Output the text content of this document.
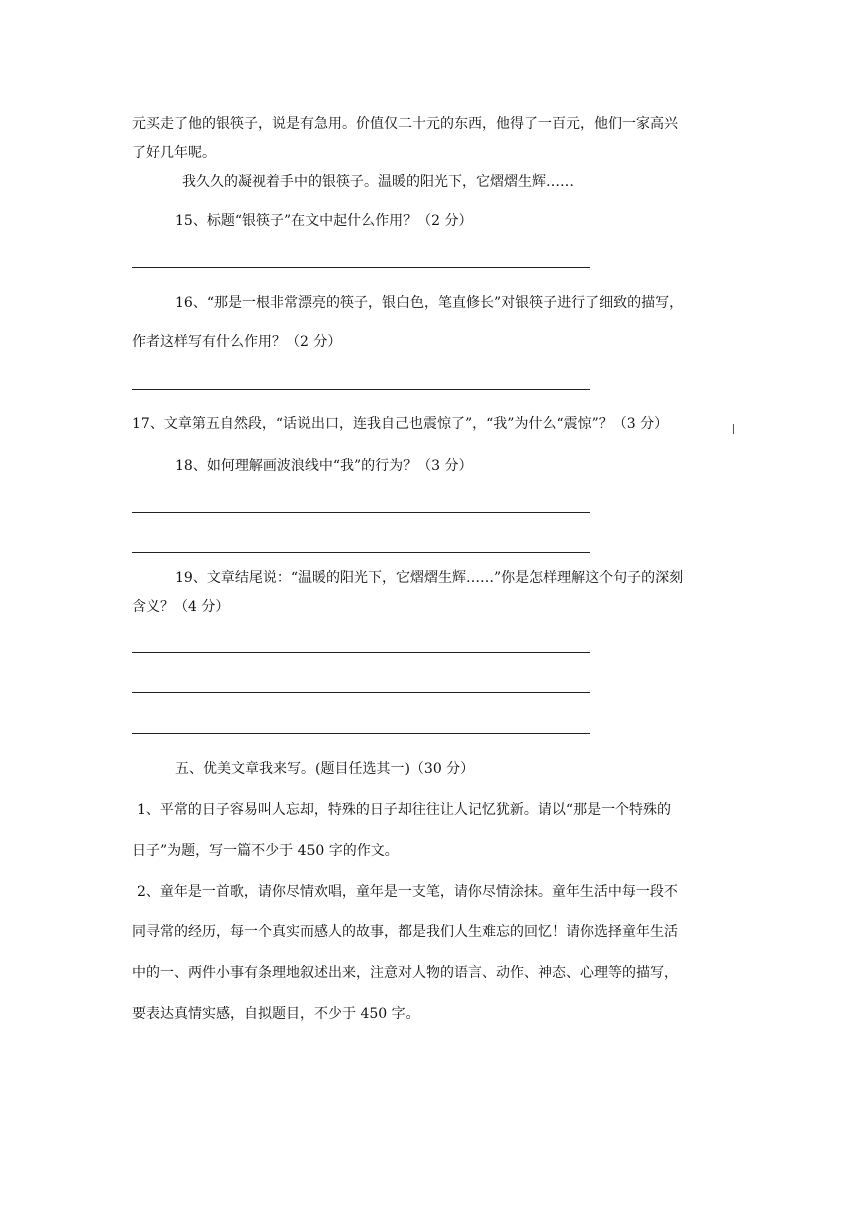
元买走了他的银筷子，说是有急用。价值仅二十元的东西，他得了一百元，他们一家高兴

了好几年呢。

我久久的凝视着手中的银筷子。温暖的阳光下，它熠熠生辉……

15、标题“银筷子”在文中起什么作用？（2 分）

16、“那是一根非常漂亮的筷子，银白色，笔直修长”对银筷子进行了细致的描写，

作者这样写有什么作用？（2 分）

17、文章第五自然段，“话说出口，连我自己也震惊了”，“我”为什么“震惊”？（3 分）

18、如何理解画波浪线中“我”的行为？（3 分）

19、文章结尾说：“温暖的阳光下，它熠熠生辉……”你是怎样理解这个句子的深刻

含义？（4 分）

五、优美文章我来写。(题目任选其一)（30 分）

1、平常的日子容易叫人忘却，特殊的日子却往往让人记忆犹新。请以“那是一个特殊的

日子”为题，写一篇不少于 450 字的作文。

2、童年是一首歌，请你尽情欢唱，童年是一支笔，请你尽情涂抹。童年生活中每一段不

同寻常的经历，每一个真实而感人的故事，都是我们人生难忘的回忆！请你选择童年生活

中的一、两件小事有条理地叙述出来，注意对人物的语言、动作、神态、心理等的描写，

要表达真情实感，自拟题目，不少于 450 字。
